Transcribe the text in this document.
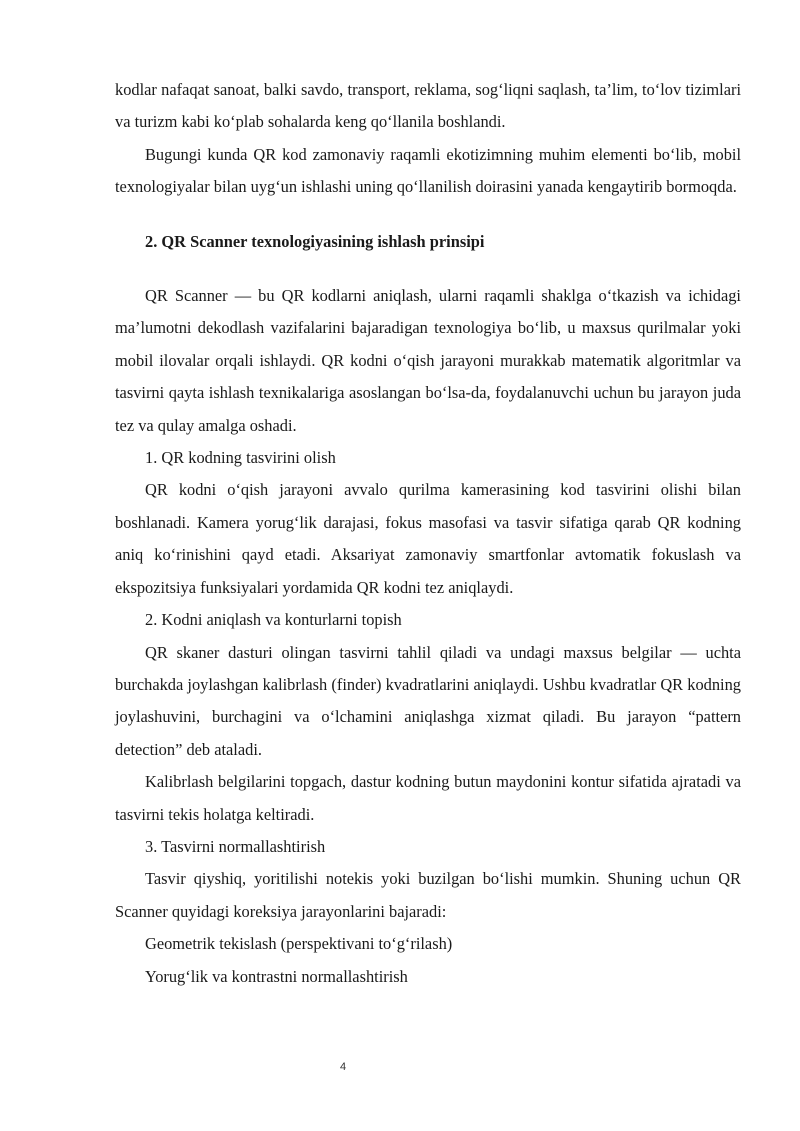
kodlar nafaqat sanoat, balki savdo, transport, reklama, sog‘liqni saqlash, ta’lim, to‘lov tizimlari va turizm kabi ko‘plab sohalarda keng qo‘llanila boshlandi.

Bugungi kunda QR kod zamonaviy raqamli ekotizimning muhim elementi bo‘lib, mobil texnologiyalar bilan uyg‘un ishlashi uning qo‘llanilish doirasini yanada kengaytirib bormoqda.

2. QR Scanner texnologiyasining ishlash prinsipi

QR Scanner — bu QR kodlarni aniqlash, ularni raqamli shaklga o‘tkazish va ichidagi ma’lumotni dekodlash vazifalarini bajaradigan texnologiya bo‘lib, u maxsus qurilmalar yoki mobil ilovalar orqali ishlaydi. QR kodni o‘qish jarayoni murakkab matematik algoritmlar va tasvirni qayta ishlash texnikalariga asoslangan bo‘lsa-da, foydalanuvchi uchun bu jarayon juda tez va qulay amalga oshadi.

1. QR kodning tasvirini olish

QR kodni o‘qish jarayoni avvalo qurilma kamerasining kod tasvirini olishi bilan boshlanadi. Kamera yorug‘lik darajasi, fokus masofasi va tasvir sifatiga qarab QR kodning aniq ko‘rinishini qayd etadi. Aksariyat zamonaviy smartfonlar avtomatik fokuslash va ekspozitsiya funksiyalari yordamida QR kodni tez aniqlaydi.

2. Kodni aniqlash va konturlarni topish

QR skaner dasturi olingan tasvirni tahlil qiladi va undagi maxsus belgilar — uchta burchakda joylashgan kalibrlash (finder) kvadratlarini aniqlaydi. Ushbu kvadratlar QR kodning joylashuvini, burchagini va o‘lchamini aniqlashga xizmat qiladi. Bu jarayon “pattern detection” deb ataladi.

Kalibrlash belgilarini topgach, dastur kodning butun maydonini kontur sifatida ajratadi va tasvirni tekis holatga keltiradi.

3. Tasvirni normallashtirish

Tasvir qiyshiq, yoritilishi notekis yoki buzilgan bo‘lishi mumkin. Shuning uchun QR Scanner quyidagi koreksiya jarayonlarini bajaradi:

Geometrik tekislash (perspektivani to‘g‘rilash)

Yorug‘lik va kontrastni normallashtirish

4
